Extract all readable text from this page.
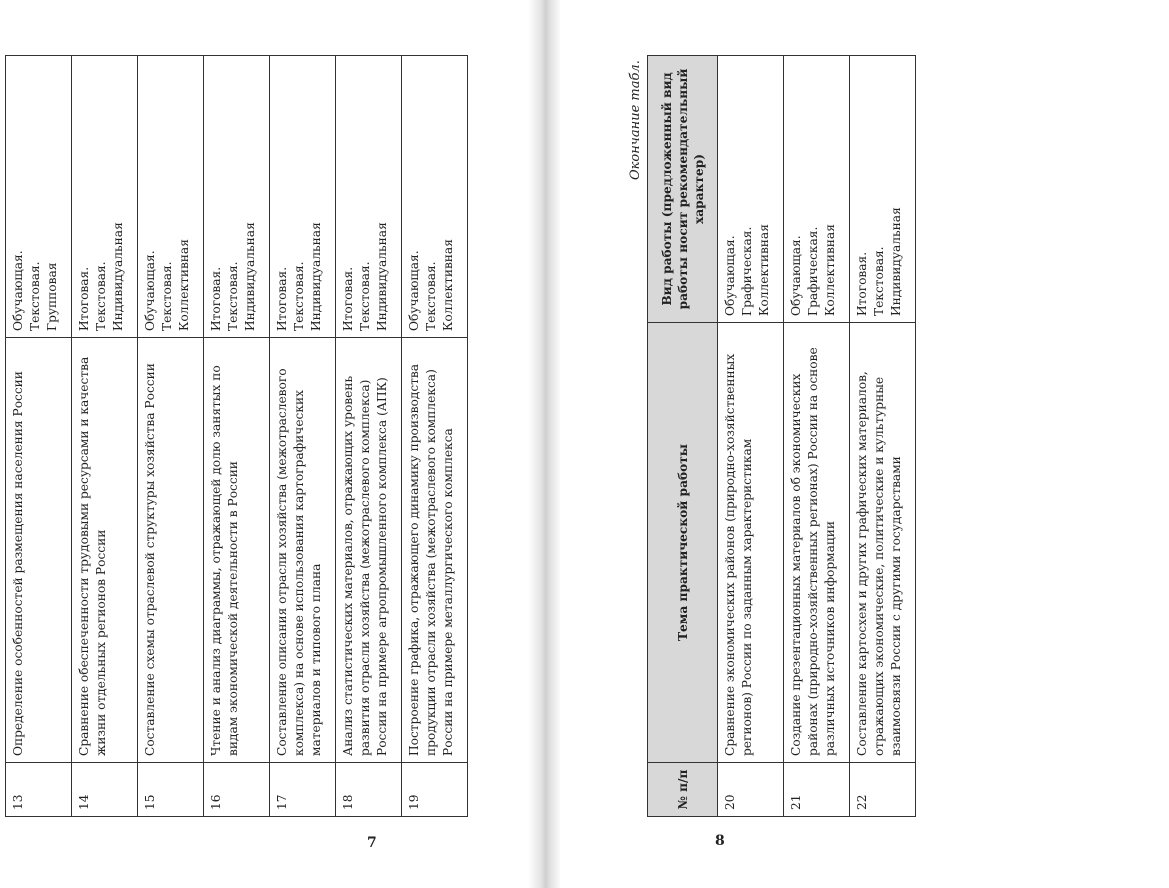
13	Определение особенностей размещения населения России	Обучающая. Текстовая. Групповая

14	Сравнение обеспеченности трудовыми ресурсами и качества жизни отдельных регионов России	Итоговая. Текстовая. Индивидуальная

15	Составление схемы отраслевой структуры хозяйства России	Обучающая. Текстовая. Коллективная

16	Чтение и анализ диаграммы, отражающей долю занятых по видам экономической деятельности в России	Итоговая. Текстовая. Индивидуальная

17	Составление описания отрасли хозяйства (межотраслевого комплекса) на основе использования картографических материалов и типового плана	Итоговая. Текстовая. Индивидуальная

18	Анализ статистических материалов, отражающих уровень развития отрасли хозяйства (межотраслевого комплекса) России на примере агропромышленного комплекса (АПК)	Итоговая. Текстовая. Индивидуальная

19	Построение графика, отражающего динамику производства продукции отрасли хозяйства (межотраслевого комплекса) России на примере металлургического комплекса	Обучающая. Текстовая. Коллективная
7
Окончание табл.
№ п/п	Тема практической работы	Вид работы (предложенный вид работы носит рекомендательный характер)
20	Сравнение экономических районов (природно-хозяйственных регионов) России по заданным характеристикам	Обучающая. Графическая. Коллективная

21	Создание презентационных материалов об экономических районах (природно-хозяйственных регионах) России на основе различных источников информации	Обучающая. Графическая. Коллективная

22	Составление картосхем и других графических материалов, отражающих экономические, политические и культурные взаимосвязи России с другими государствами	Итоговая. Текстовая. Индивидуальная
8
